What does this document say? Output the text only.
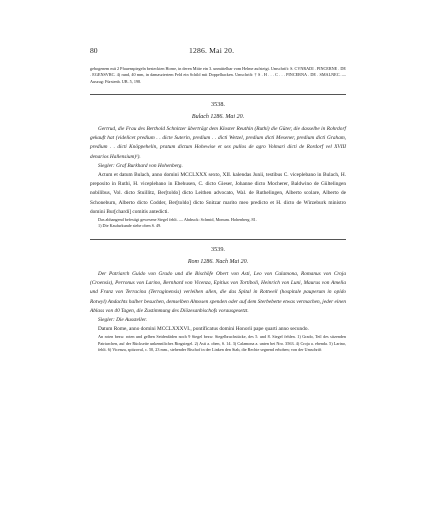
80	1286. Mai 20.

gebogenem mit 2 Pfauenspiegeln besteckten Horne, in deren Mitte ein 3. unmittelbar vom Helme aufsteigt. Umschrift: S. CVNRADI . PINCERNE . DE . EGENSVRC. 4) rund, 40 mm, in damasziertem Feld ein Schild mit Doppelhacken. Umschrift: † S . H . . . C . . . PINCERNA . DE . SMALNEC. — Auszug: Fürstenb. UB. 5, 198.

3538.

Bulach 1286. Mai 20.

Gertrud, die Frau des Berthold Schnitzer überträgt dem Kloster Reuthin (Ruthi) die Güter, die dasselbe in Rohrdorf gekauft hat (videlicet predium . . dicte Suterin, predium . . dicti Wetzel, predium dicti Mesener, predium dicti Graham, predium . . dicti Knöppehelin, pratum dictum Hohewise et sex pullos de agro Volmari dicti de Rordorf vel XVIII denarios Hallensium)¹).

Siegler: Graf Burkhard von Hohenberg.

Actum et datum Bulach, anno domini MCCLXXX sexto, XII. kalendas Junii, testibus C. viceplebano in Bulach, H. preposito in Ruthi, H. viceplebano in Ebehusen, C. dicto Gieser, Johanne dicto Mocherer, Baldwino de Gültelingen nobilibus, Vol. dicto Stuillitz, Ber[toldo] dicto Leithen advocato, Wal. de Ruthelingen, Alberto scolare, Alberto de Schoneburn, Alberto dicto Codder, Ber[toldo] dicto Snitzar marito meo predicto et H. dicto de Wirzeburk ministro domini Bur[chardi] comitis antedicti.

Das abhangend befestigt gewesene Siegel fehlt. — Abdruck: Schmid, Monum. Hohenberg. 81.

1) Die Kaufurkunde siehe oben S. 49.

3539.

Rom 1286. Nach Mai 20.

Der Patriarch Guido von Grado und die Bischöfe Obert von Asti, Leo von Calamona, Romanus von Croja (Croensis), Perronus von Larino, Bernhard von Vicenza, Epitius von Tortiboli, Heinrich von Luni, Maurus von Amelia und Franz von Terracina (Terraginensis) verleihen allen, die das Spital in Rottweil (hospitale pauperum in opido Rotwyl) Andachts halber besuchen, demselben Almosen spenden oder auf dem Sterbebette etwas vermachen, jeder einen Ablass von 40 Tagen, die Zustimmung des Diözesanbischofs vorausgesetzt.

Siegler: Die Aussteller.

Datum Rome, anno domini MCCLXXXVI., pontificatus domini Honorii pape quarti anno secundo.

An roten bezw. roten und gelben Seidenfäden noch 9 Siegel bezw. Siegelbruchstücke, des 5. und 8. Siegel fehlen. 1) Grado, Teil des sitzenden Patriarchen, auf der Rückseite unkenntliches Ringsiegel. 2) Asti a. oben, S. 14. 3) Calamona a. unten bei Nro. 3563. 4) Croja a. ebenda. 5) Larino, fehlt. 6) Vicenza, spitzoval, c. 50, 23 mm., stehender Bischof in der Linken den Stab, die Rechte segnend erhoben; von der Umschrift
